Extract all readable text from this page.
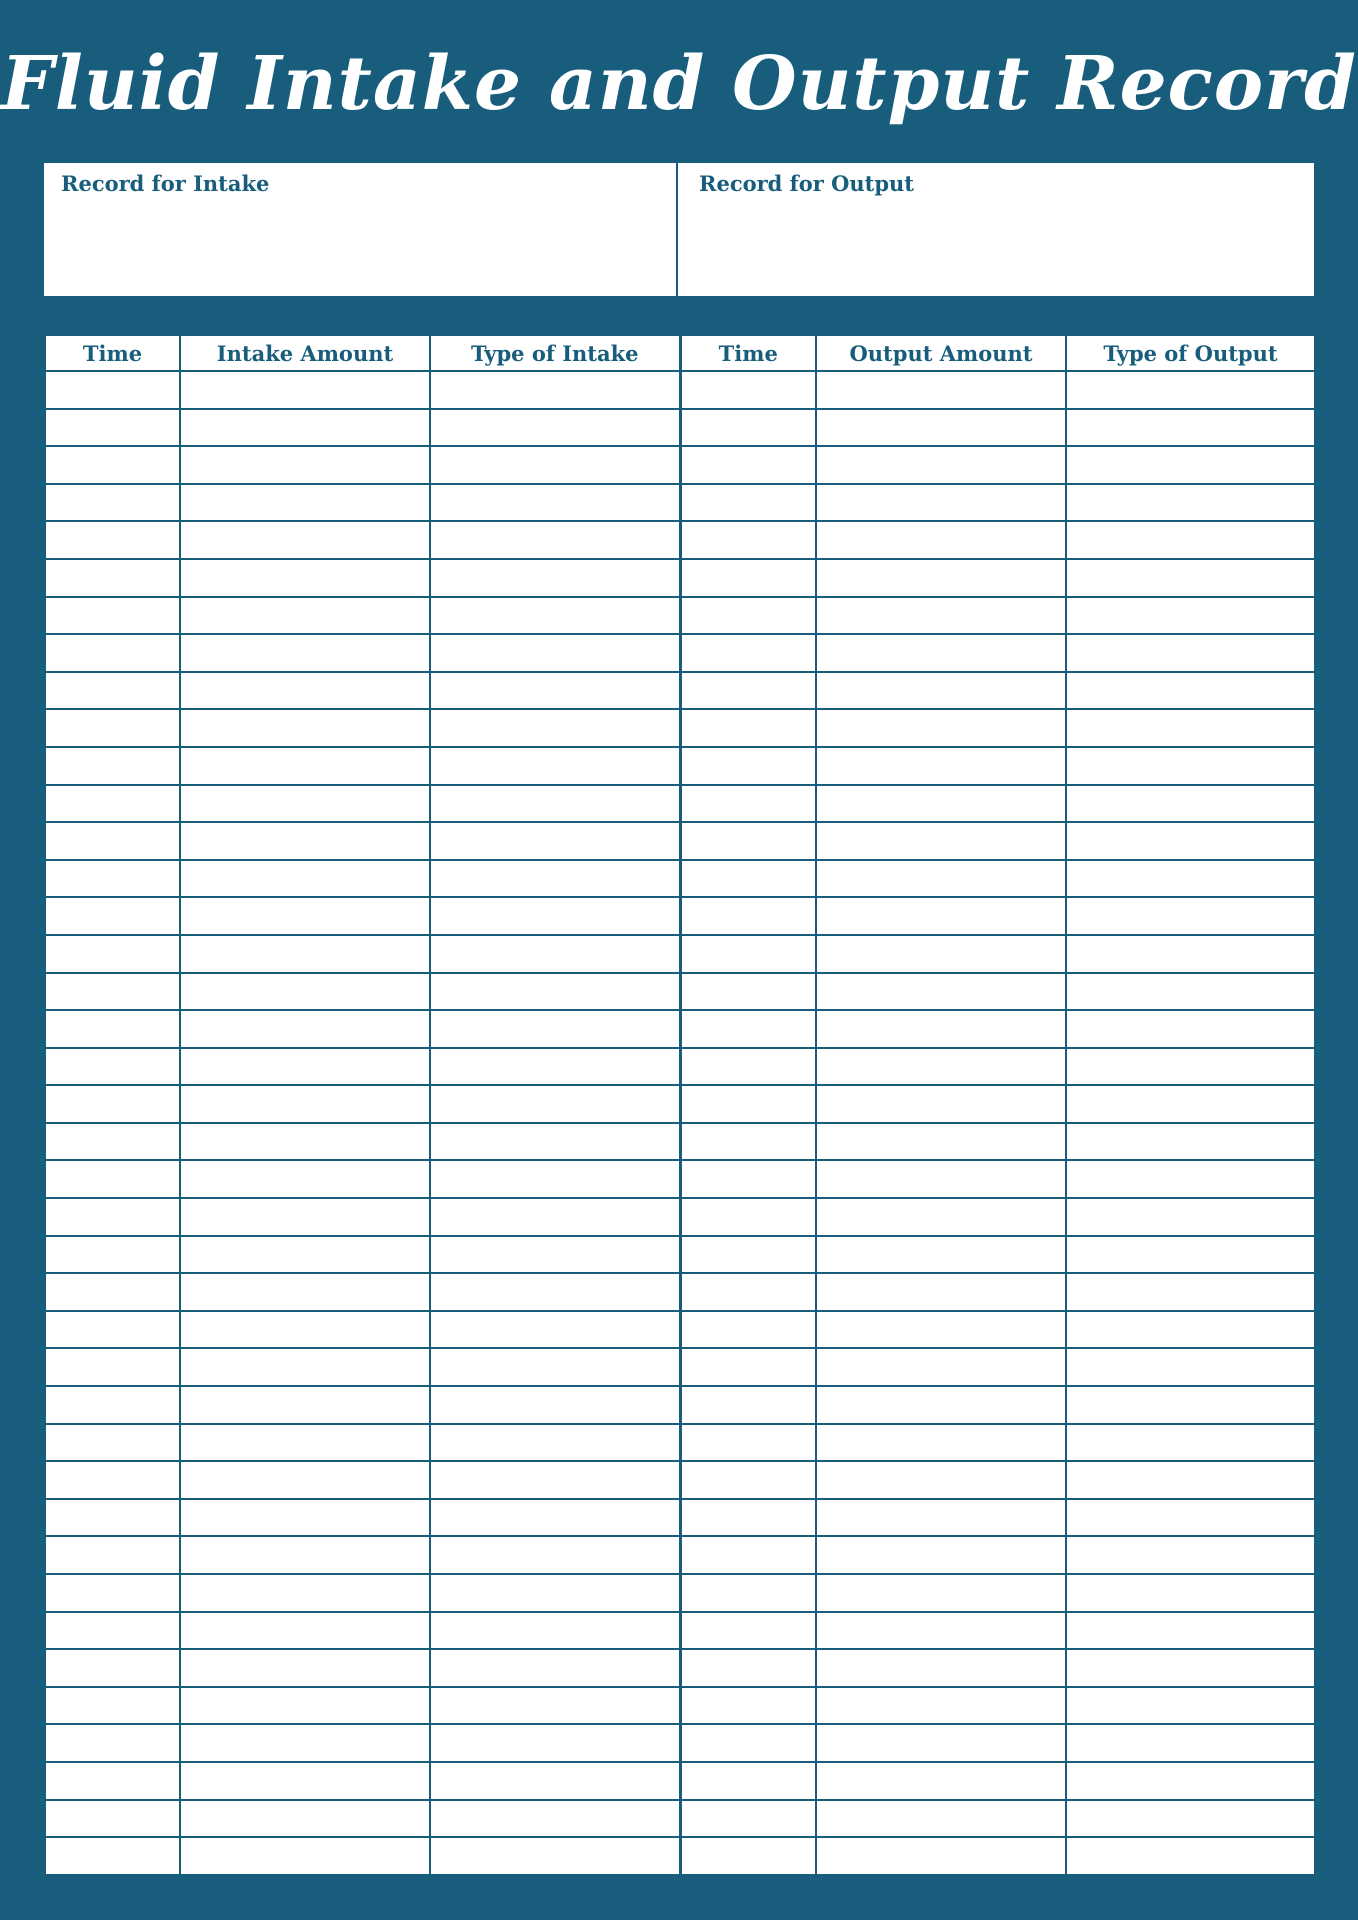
Fluid Intake and Output Record
Record for Intake	Record for Output
Time	Intake Amount	Type of Intake	Time	Output Amount	Type of Output
